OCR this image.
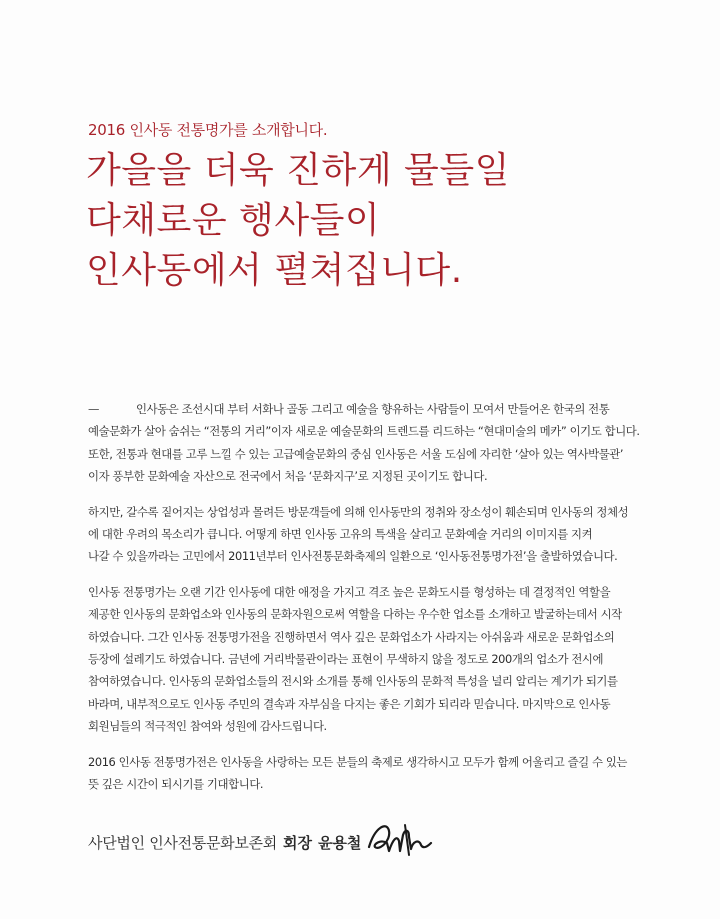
2016 인사동 전통명가를 소개합니다.
가을을 더욱 진하게 물들일
다채로운 행사들이
인사동에서 펼쳐집니다.

—	인사동은 조선시대 부터 서화나 골동 그리고 예술을 향유하는 사람들이 모여서 만들어온 한국의 전통
예술문화가 살아 숨쉬는 “전통의 거리”이자 새로운 예술문화의 트렌드를 리드하는 “현대미술의 메카” 이기도 합니다.
또한, 전통과 현대를 고루 느낄 수 있는 고급예술문화의 중심 인사동은 서울 도심에 자리한 ‘살아 있는 역사박물관’
이자 풍부한 문화예술 자산으로 전국에서 처음 ‘문화지구’로 지정된 곳이기도 합니다.

하지만, 갈수록 짙어지는 상업성과 몰려든 방문객들에 의해 인사동만의 정취와 장소성이 훼손되며 인사동의 정체성
에 대한 우려의 목소리가 큽니다. 어떻게 하면 인사동 고유의 특색을 살리고 문화예술 거리의 이미지를 지켜
나갈 수 있을까라는 고민에서 2011년부터 인사전통문화축제의 일환으로 ‘인사동전통명가전’을 출발하였습니다.

인사동 전통명가는 오랜 기간 인사동에 대한 애정을 가지고 격조 높은 문화도시를 형성하는 데 결정적인 역할을
제공한 인사동의 문화업소와 인사동의 문화자원으로써 역할을 다하는 우수한 업소를 소개하고 발굴하는데서 시작
하였습니다. 그간 인사동 전통명가전을 진행하면서 역사 깊은 문화업소가 사라지는 아쉬움과 새로운 문화업소의
등장에 설레기도 하였습니다. 금년에 거리박물관이라는 표현이 무색하지 않을 정도로 200개의 업소가 전시에
참여하였습니다. 인사동의 문화업소들의 전시와 소개를 통해 인사동의 문화적 특성을 널리 알리는 계기가 되기를
바라며, 내부적으로도 인사동 주민의 결속과 자부심을 다지는 좋은 기회가 되리라 믿습니다. 마지막으로 인사동
회원님들의 적극적인 참여와 성원에 감사드립니다.

2016 인사동 전통명가전은 인사동을 사랑하는 모든 분들의 축제로 생각하시고 모두가 함께 어울리고 즐길 수 있는
뜻 깊은 시간이 되시기를 기대합니다.

사단법인 인사전통문화보존회 회장 윤용철
